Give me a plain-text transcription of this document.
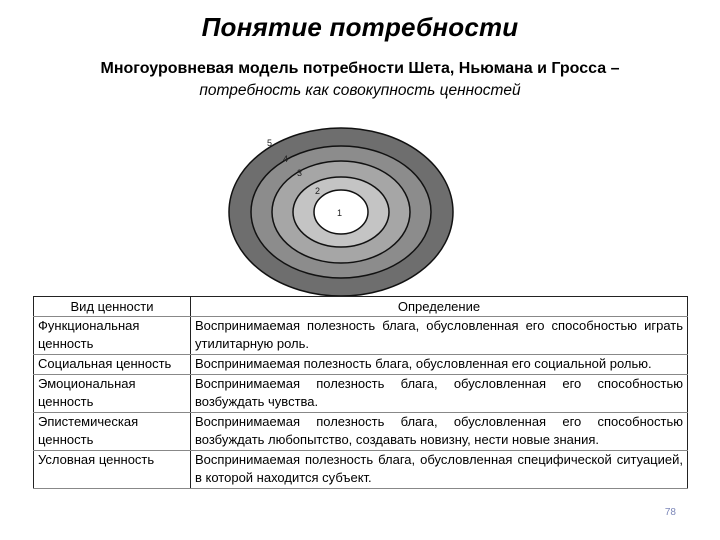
Понятие потребности
Многоуровневая модель потребности Шета, Ньюмана и Гросса –
потребность как совокупность ценностей
5
4
3
2
1
Вид ценности	Определение
Функциональная ценность	Воспринимаемая полезность блага, обусловленная его способностью играть утилитарную роль.
Социальная ценность	Воспринимаемая полезность блага, обусловленная его социальной ролью.
Эмоциональная ценность	Воспринимаемая полезность блага, обусловленная его способностью возбуждать чувства.
Эпистемическая ценность	Воспринимаемая полезность блага, обусловленная его способностью возбуждать любопытство, создавать новизну, нести новые знания.
Условная ценность	Воспринимаемая полезность блага, обусловленная специфической ситуацией, в которой находится субъект.
78
